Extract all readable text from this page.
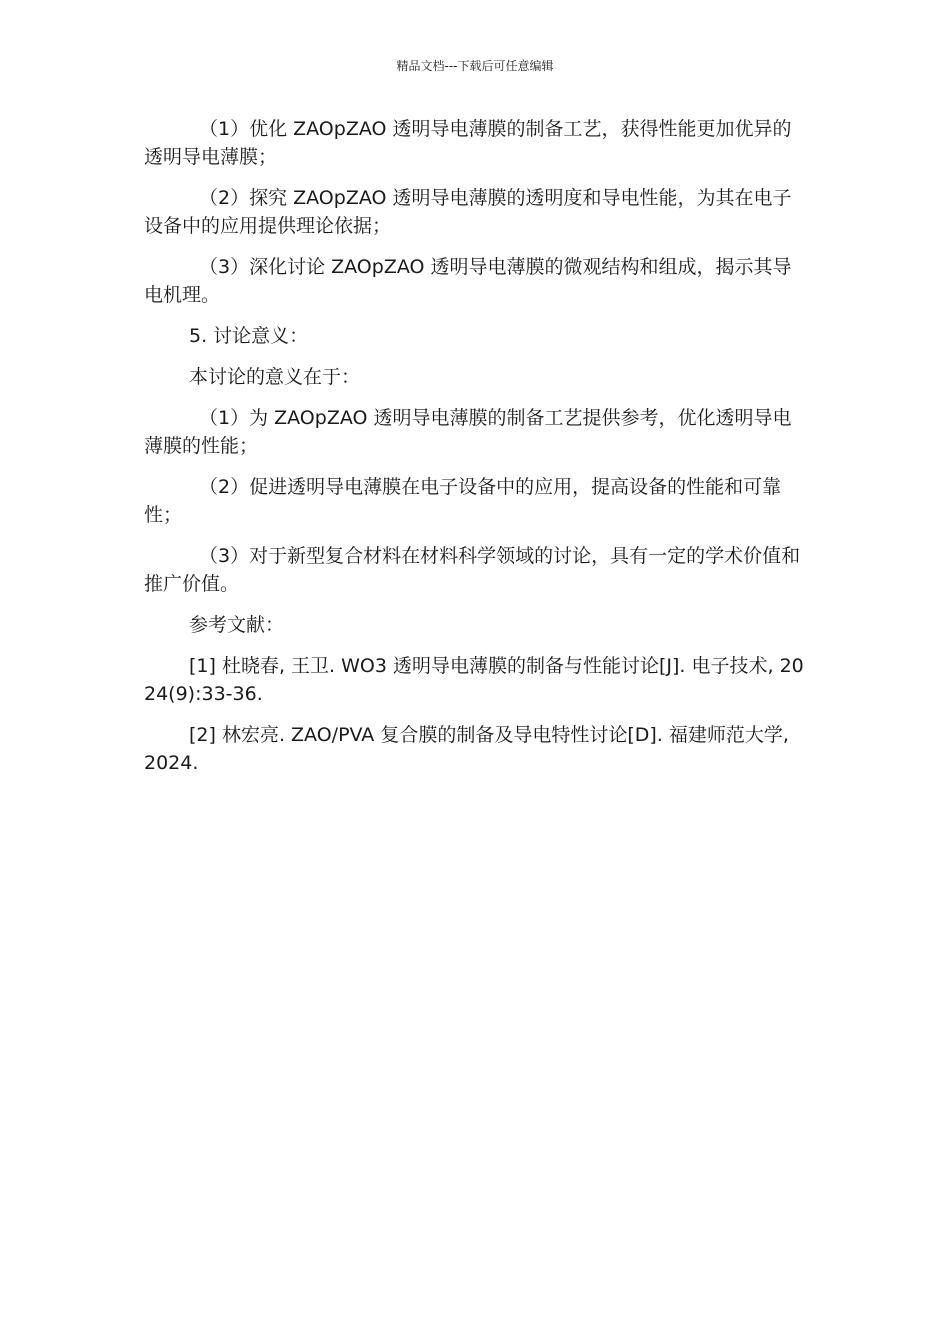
精品文档---下载后可任意编辑

（1）优化 ZAOpZAO 透明导电薄膜的制备工艺，获得性能更加优异的透明导电薄膜；

（2）探究 ZAOpZAO 透明导电薄膜的透明度和导电性能，为其在电子设备中的应用提供理论依据；

（3）深化讨论 ZAOpZAO 透明导电薄膜的微观结构和组成，揭示其导电机理。

5. 讨论意义：

本讨论的意义在于：

（1）为 ZAOpZAO 透明导电薄膜的制备工艺提供参考，优化透明导电薄膜的性能；

（2）促进透明导电薄膜在电子设备中的应用，提高设备的性能和可靠性；

（3）对于新型复合材料在材料科学领域的讨论，具有一定的学术价值和推广价值。

参考文献：

[1] 杜晓春, 王卫. WO3 透明导电薄膜的制备与性能讨论[J]. 电子技术, 2024(9):33-36.

[2] 林宏亮. ZAO/PVA 复合膜的制备及导电特性讨论[D]. 福建师范大学, 2024.
